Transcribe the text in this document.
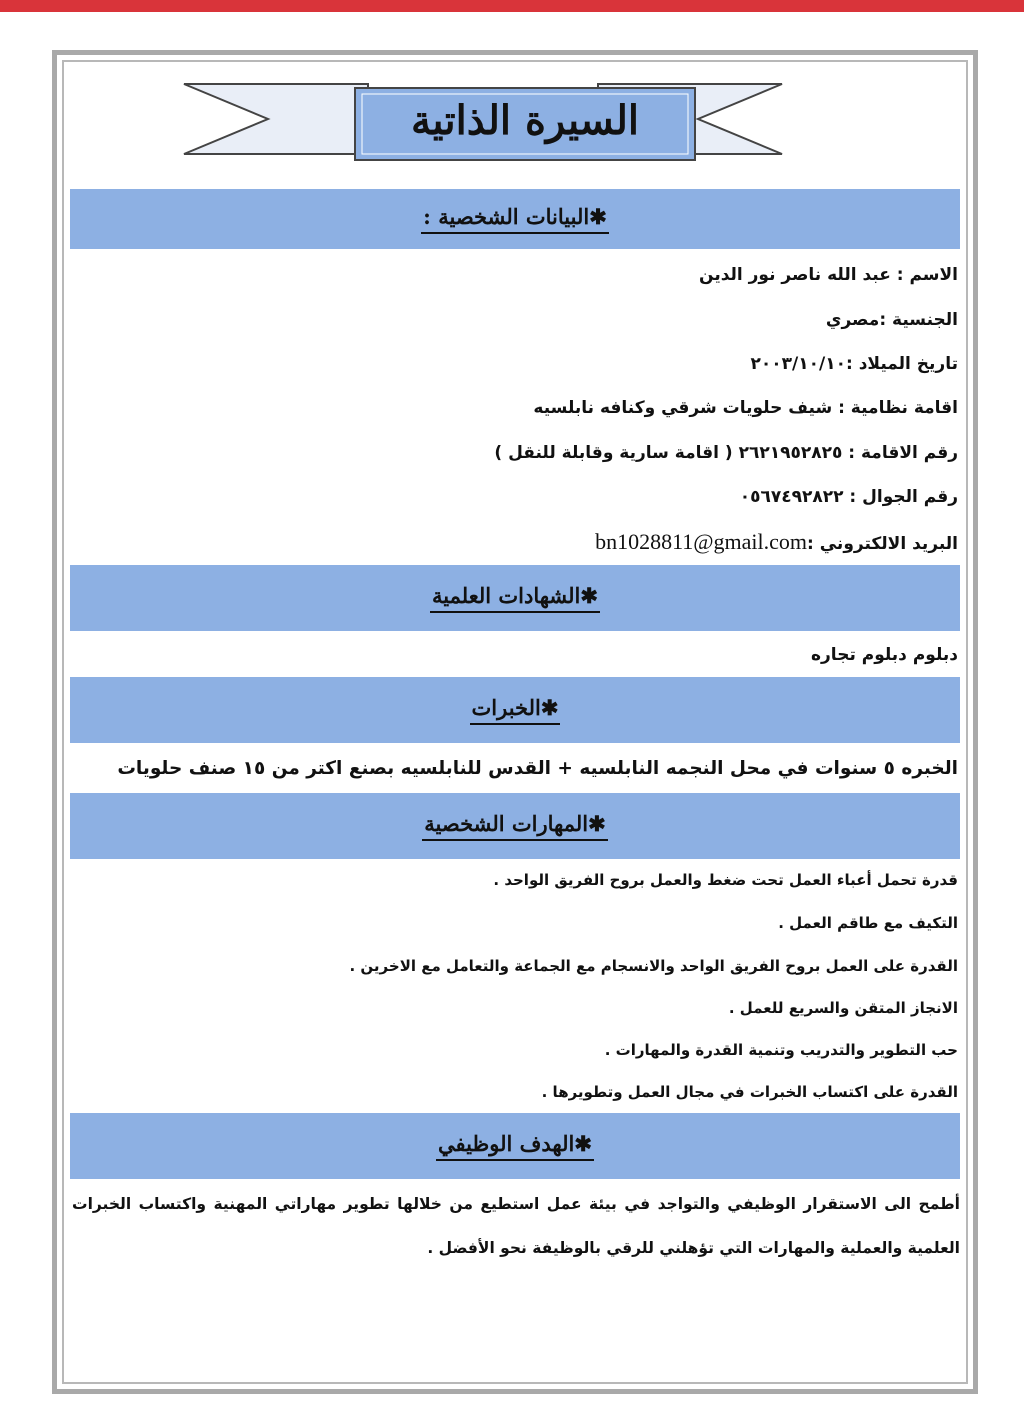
السيرة الذاتية
✱البيانات الشخصية :
الاسم : عبد الله ناصر نور الدين
الجنسية :مصري
تاريخ الميلاد :٢٠٠٣/١٠/١٠
اقامة نظامية : شيف حلويات شرقي وكنافه نابلسيه
رقم الاقامة : ٢٦٢١٩٥٢٨٢٥ ( اقامة سارية وقابلة للنقل )
رقم الجوال : ٠٥٦٧٤٩٢٨٢٢
البريد الالكتروني :bn1028811@gmail.com
✱الشهادات العلمية
دبلوم دبلوم تجاره
✱الخبرات
الخبره ٥ سنوات في محل النجمه النابلسيه + القدس للنابلسيه بصنع اكتر من ١٥ صنف حلويات
✱المهارات الشخصية
قدرة تحمل أعباء العمل تحت ضغط والعمل بروح الفريق الواحد .
التكيف مع طاقم العمل .
القدرة على العمل بروح الفريق الواحد والانسجام مع الجماعة والتعامل مع الاخرين .
الانجاز المتقن والسريع للعمل .
حب التطوير والتدريب وتنمية القدرة والمهارات .
القدرة على اكتساب الخبرات في مجال العمل وتطويرها .
✱الهدف الوظيفي
أطمح الى الاستقرار الوظيفي والتواجد في بيئة عمل استطيع من خلالها تطوير مهاراتي المهنية واكتساب الخبرات العلمية والعملية والمهارات التي تؤهلني للرقي بالوظيفة نحو الأفضل .
